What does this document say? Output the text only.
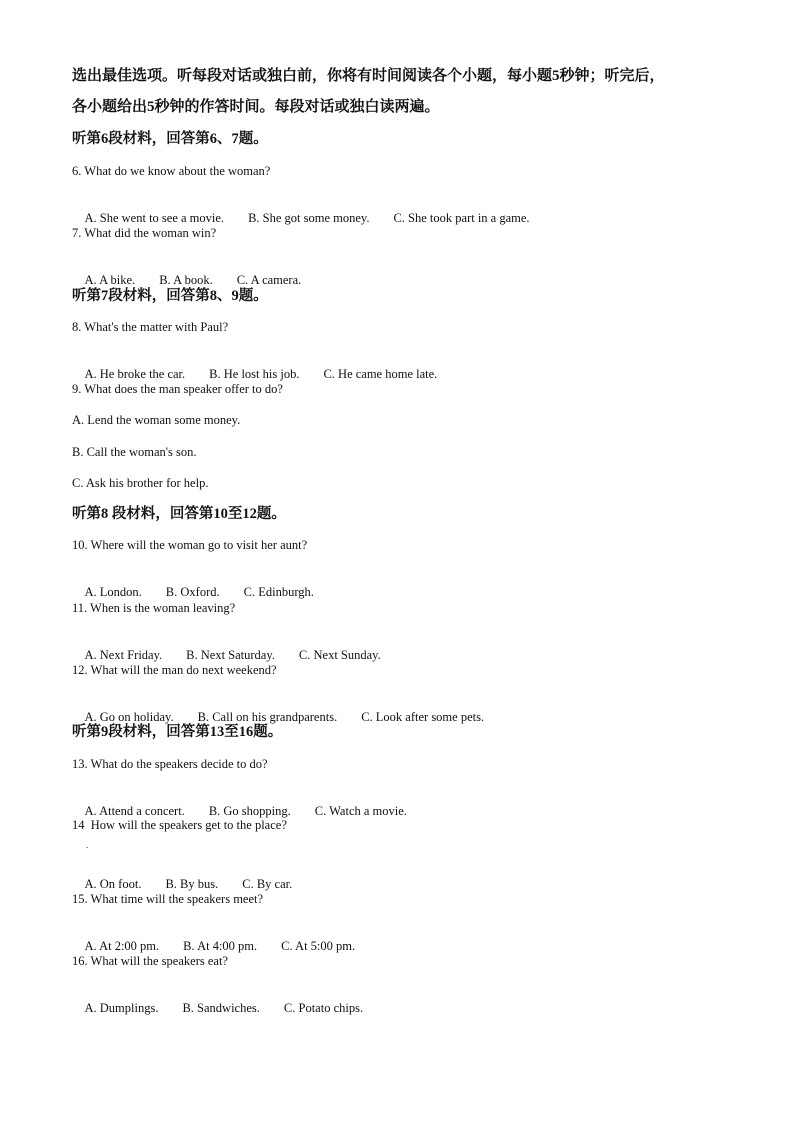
选出最佳选项。听每段对话或独白前，你将有时间阅读各个小题，每小题5秒钟；听完后，
各小题给出5秒钟的作答时间。每段对话或独白读两遍。
听第6段材料，回答第6、7题。
6. What do we know about the woman?

A. She went to see a movie. B. She got some money. C. She took part in a game.

7. What did the woman win?

A. A bike. B. A book. C. A camera.

听第7段材料，回答第8、9题。
8. What's the matter with Paul?

A. He broke the car. B. He lost his job. C. He came home late.

9. What does the man speaker offer to do?
A. Lend the woman some money.
B. Call the woman's son.
C. Ask his brother for help.
听第8 段材料，回答第10至12题。
10. Where will the woman go to visit her aunt?

A. London. B. Oxford. C. Edinburgh.

11. When is the woman leaving?

A. Next Friday. B. Next Saturday. C. Next Sunday.

12. What will the man do next weekend?

A. Go on holiday. B. Call on his grandparents. C. Look after some pets.

听第9段材料，回答第13至16题。
13. What do the speakers decide to do?

A. Attend a concert. B. Go shopping. C. Watch a movie.

14  How will the speakers get to the place?
.

A. On foot. B. By bus. C. By car.

15. What time will the speakers meet?

A. At 2:00 pm. B. At 4:00 pm. C. At 5:00 pm.

16. What will the speakers eat?

A. Dumplings. B. Sandwiches. C. Potato chips.
